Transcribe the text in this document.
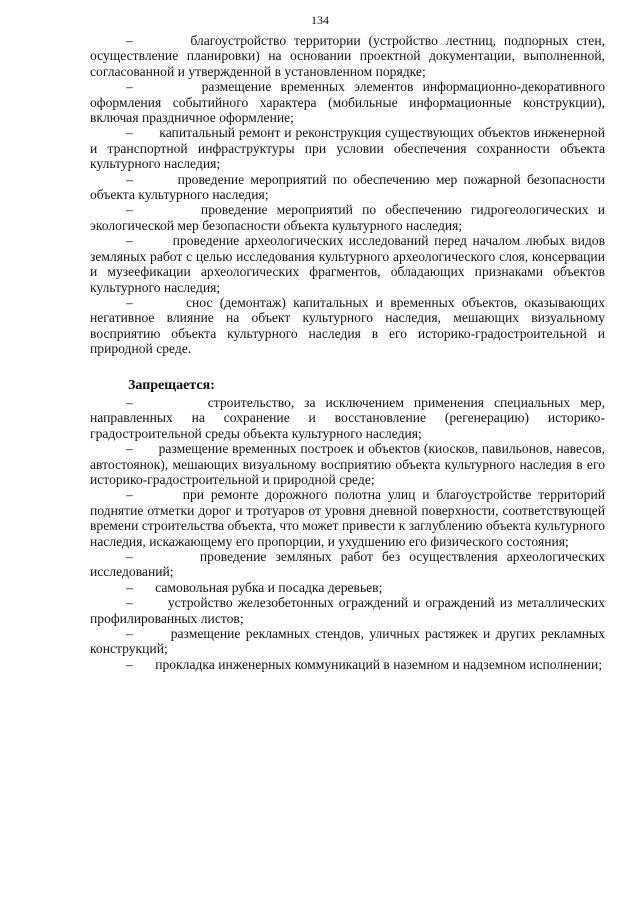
134

–	благоустройство территории (устройство лестниц, подпорных стен, осуществление планировки) на основании проектной документации, выполненной, согласованной и утвержденной в установленном порядке;

–	размещение временных элементов информационно-декоративного оформления событийного характера (мобильные информационные конструкции), включая праздничное оформление;

– капитальный ремонт и реконструкция существующих объектов инженерной и транспортной инфраструктуры при условии обеспечения сохранности объекта культурного наследия;

–	проведение мероприятий по обеспечению мер пожарной безопасности объекта культурного наследия;

–	проведение мероприятий по обеспечению гидрогеологических и экологической мер безопасности объекта культурного наследия;

–	проведение археологических исследований перед началом любых видов земляных работ с целью исследования культурного археологического слоя, консервации и музеефикации археологических фрагментов, обладающих признаками объектов культурного наследия;

–	снос (демонтаж) капитальных и временных объектов, оказывающих негативное влияние на объект культурного наследия, мешающих визуальному восприятию объекта культурного наследия в его историко-градостроительной и природной среде.

Запрещается:

–	строительство, за исключением применения специальных мер, направленных на сохранение и восстановление (регенерацию) историко-градостроительной среды объекта культурного наследия;

– размещение временных построек и объектов (киосков, павильонов, навесов, автостоянок), мешающих визуальному восприятию объекта культурного наследия в его историко-градостроительной и природной среде;

–	при ремонте дорожного полотна улиц и благоустройстве территорий поднятие отметки дорог и тротуаров от уровня дневной поверхности, соответствующей времени строительства объекта, что может привести к заглублению объекта культурного наследия, искажающему его пропорции, и ухудшению его физического состояния;

–	проведение земляных работ без осуществления археологических исследований;

– самовольная рубка и посадка деревьев;

–	устройство железобетонных ограждений и ограждений из металлических профилированных листов;

–	размещение рекламных стендов, уличных растяжек и других рекламных конструкций;

– прокладка инженерных коммуникаций в наземном и надземном исполнении;
